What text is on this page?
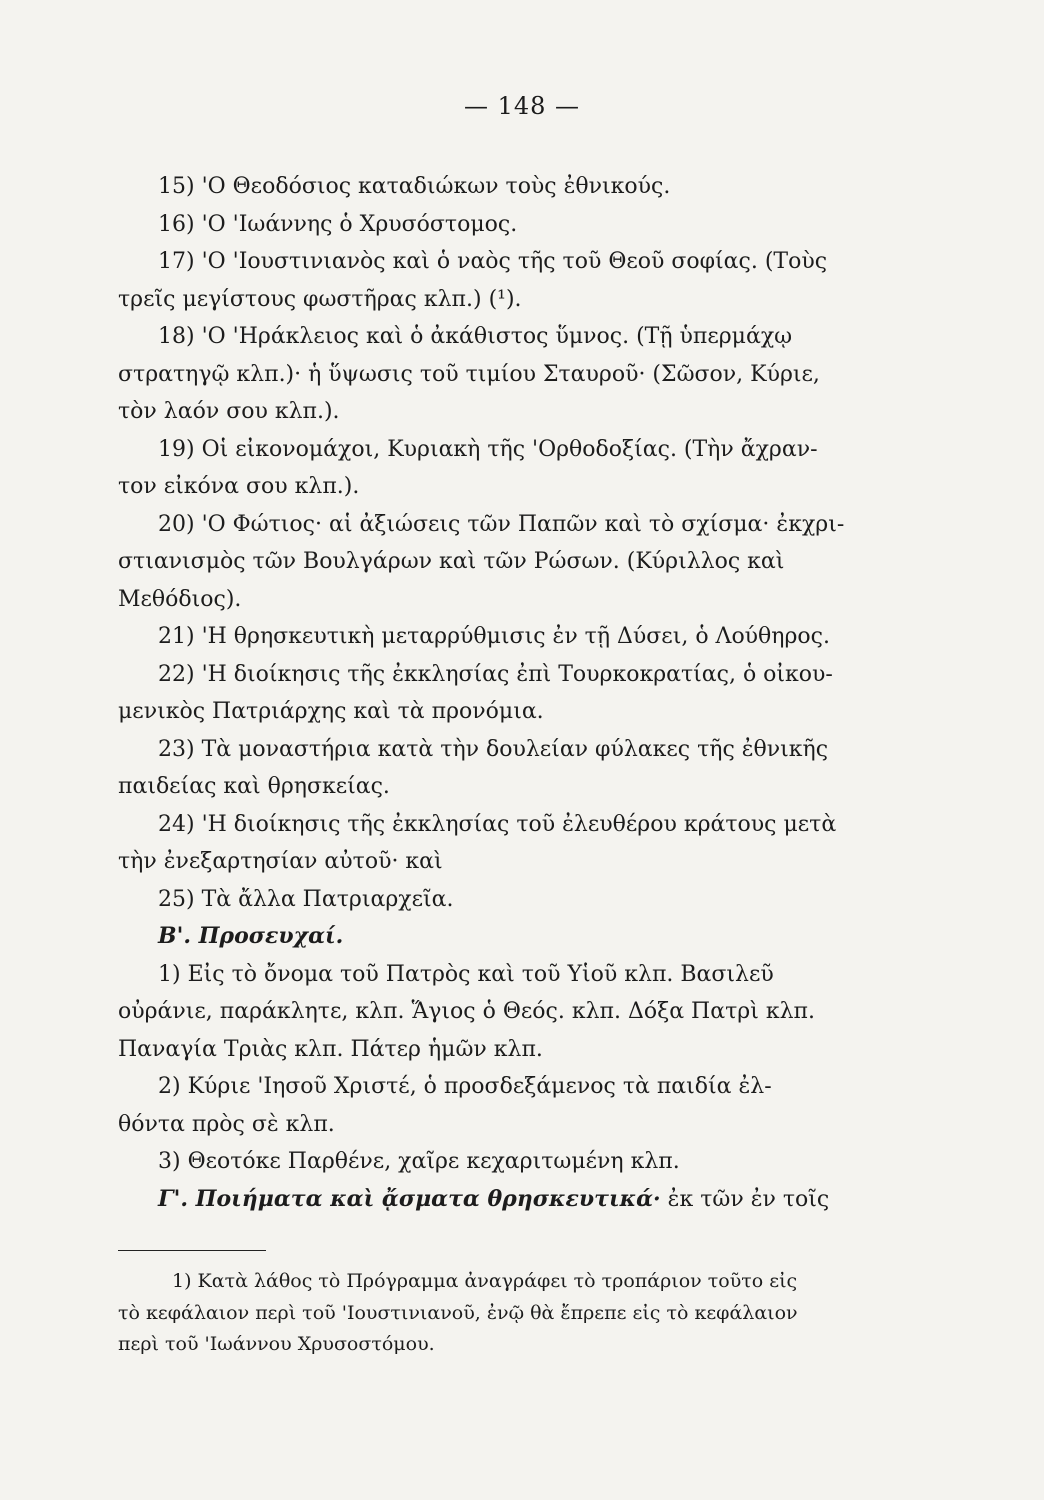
— 148 —

15) 'Ο Θεοδόσιος καταδιώκων τοὺς ἐθνικούς.

16) 'Ο 'Ιωάννης ὁ Χρυσόστομος.

17) 'Ο 'Ιουστινιανὸς καὶ ὁ ναὸς τῆς τοῦ Θεοῦ σοφίας. (Τοὺς
τρεῖς μεγίστους φωστῆρας κλπ.) (¹).

18) 'Ο 'Ηράκλειος καὶ ὁ ἀκάθιστος ὕμνος. (Τῇ ὑπερμάχῳ
στρατηγῷ κλπ.)· ἡ ὕψωσις τοῦ τιμίου Σταυροῦ· (Σῶσον, Κύριε,
τὸν λαόν σου κλπ.).

19) Οἱ εἰκονομάχοι, Κυριακὴ τῆς 'Ορθοδοξίας. (Τὴν ἄχραν-
τον εἰκόνα σου κλπ.).

20) 'Ο Φώτιος· αἱ ἀξιώσεις τῶν Παπῶν καὶ τὸ σχίσμα· ἐκχρι-
στιανισμὸς τῶν Βουλγάρων καὶ τῶν Ρώσων. (Κύριλλος καὶ
Μεθόδιος).

21) 'Η θρησκευτικὴ μεταρρύθμισις ἐν τῇ Δύσει, ὁ Λούθηρος.

22) 'Η διοίκησις τῆς ἐκκλησίας ἐπὶ Τουρκοκρατίας, ὁ οἰκου-
μενικὸς Πατριάρχης καὶ τὰ προνόμια.

23) Τὰ μοναστήρια κατὰ τὴν δουλείαν φύλακες τῆς ἐθνικῆς
παιδείας καὶ θρησκείας.

24) 'Η διοίκησις τῆς ἐκκλησίας τοῦ ἐλευθέρου κράτους μετὰ
τὴν ἐνεξαρτησίαν αὐτοῦ· καὶ

25) Τὰ ἄλλα Πατριαρχεῖα.

Β'. Προσευχαί.

1) Εἰς τὸ ὄνομα τοῦ Πατρὸς καὶ τοῦ Υἱοῦ κλπ. Βασιλεῦ
οὐράνιε, παράκλητε, κλπ. Ἅγιος ὁ Θεός. κλπ. Δόξα Πατρὶ κλπ.
Παναγία Τριὰς κλπ. Πάτερ ἡμῶν κλπ.

2) Κύριε 'Ιησοῦ Χριστέ, ὁ προσδεξάμενος τὰ παιδία ἐλ-
θόντα πρὸς σὲ κλπ.

3) Θεοτόκε Παρθένε, χαῖρε κεχαριτωμένη κλπ.

Γ'. Ποιήματα καὶ ᾄσματα θρησκευτικά· ἐκ τῶν ἐν τοῖς

1) Κατὰ λάθος τὸ Πρόγραμμα ἀναγράφει τὸ τροπάριον τοῦτο εἰς
τὸ κεφάλαιον περὶ τοῦ 'Ιουστινιανοῦ, ἐνῷ θὰ ἔπρεπε εἰς τὸ κεφάλαιον
περὶ τοῦ 'Ιωάννου Χρυσοστόμου.
